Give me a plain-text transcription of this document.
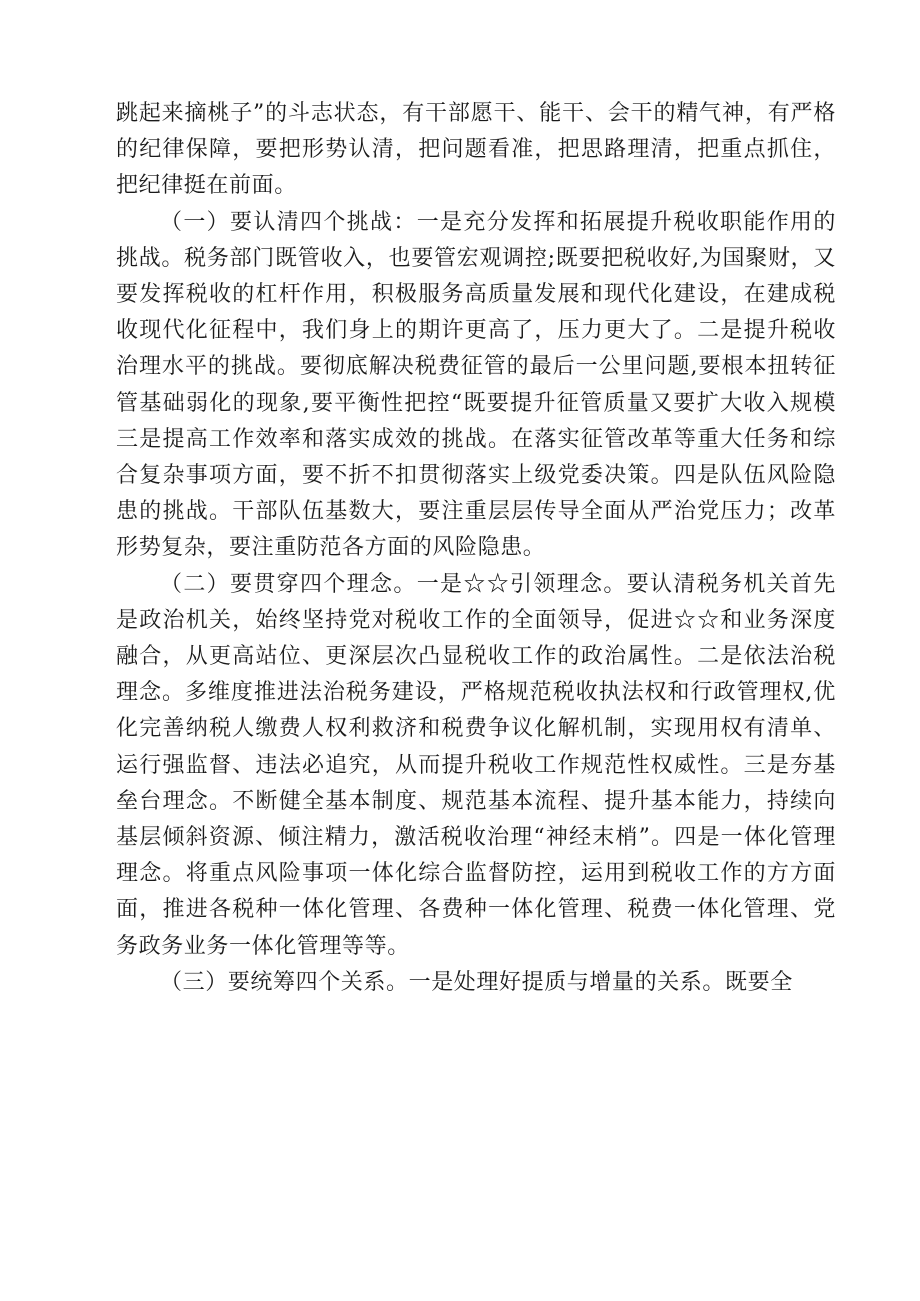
跳起来摘桃子”的斗志状态，有干部愿干、能干、会干的精气神，有严格的纪律保障，要把形势认清，把问题看准，把思路理清，把重点抓住，把纪律挺在前面。

（一）要认清四个挑战：一是充分发挥和拓展提升税收职能作用的挑战。税务部门既管收入，也要管宏观调控;既要把税收好,为国聚财，又要发挥税收的杠杆作用，积极服务高质量发展和现代化建设，在建成税收现代化征程中，我们身上的期许更高了，压力更大了。二是提升税收治理水平的挑战。要彻底解决税费征管的最后一公里问题,要根本扭转征管基础弱化的现象,要平衡性把控“既要提升征管质量又要扩大收入规模三是提高工作效率和落实成效的挑战。在落实征管改革等重大任务和综合复杂事项方面，要不折不扣贯彻落实上级党委决策。四是队伍风险隐患的挑战。干部队伍基数大，要注重层层传导全面从严治党压力；改革形势复杂，要注重防范各方面的风险隐患。

（二）要贯穿四个理念。一是☆☆引领理念。要认清税务机关首先是政治机关，始终坚持党对税收工作的全面领导，促进☆☆和业务深度融合，从更高站位、更深层次凸显税收工作的政治属性。二是依法治税理念。多维度推进法治税务建设，严格规范税收执法权和行政管理权,优化完善纳税人缴费人权利救济和税费争议化解机制，实现用权有清单、运行强监督、违法必追究，从而提升税收工作规范性权威性。三是夯基垒台理念。不断健全基本制度、规范基本流程、提升基本能力，持续向基层倾斜资源、倾注精力，激活税收治理“神经末梢”。四是一体化管理理念。将重点风险事项一体化综合监督防控，运用到税收工作的方方面面，推进各税种一体化管理、各费种一体化管理、税费一体化管理、党务政务业务一体化管理等等。

（三）要统筹四个关系。一是处理好提质与增量的关系。既要全
